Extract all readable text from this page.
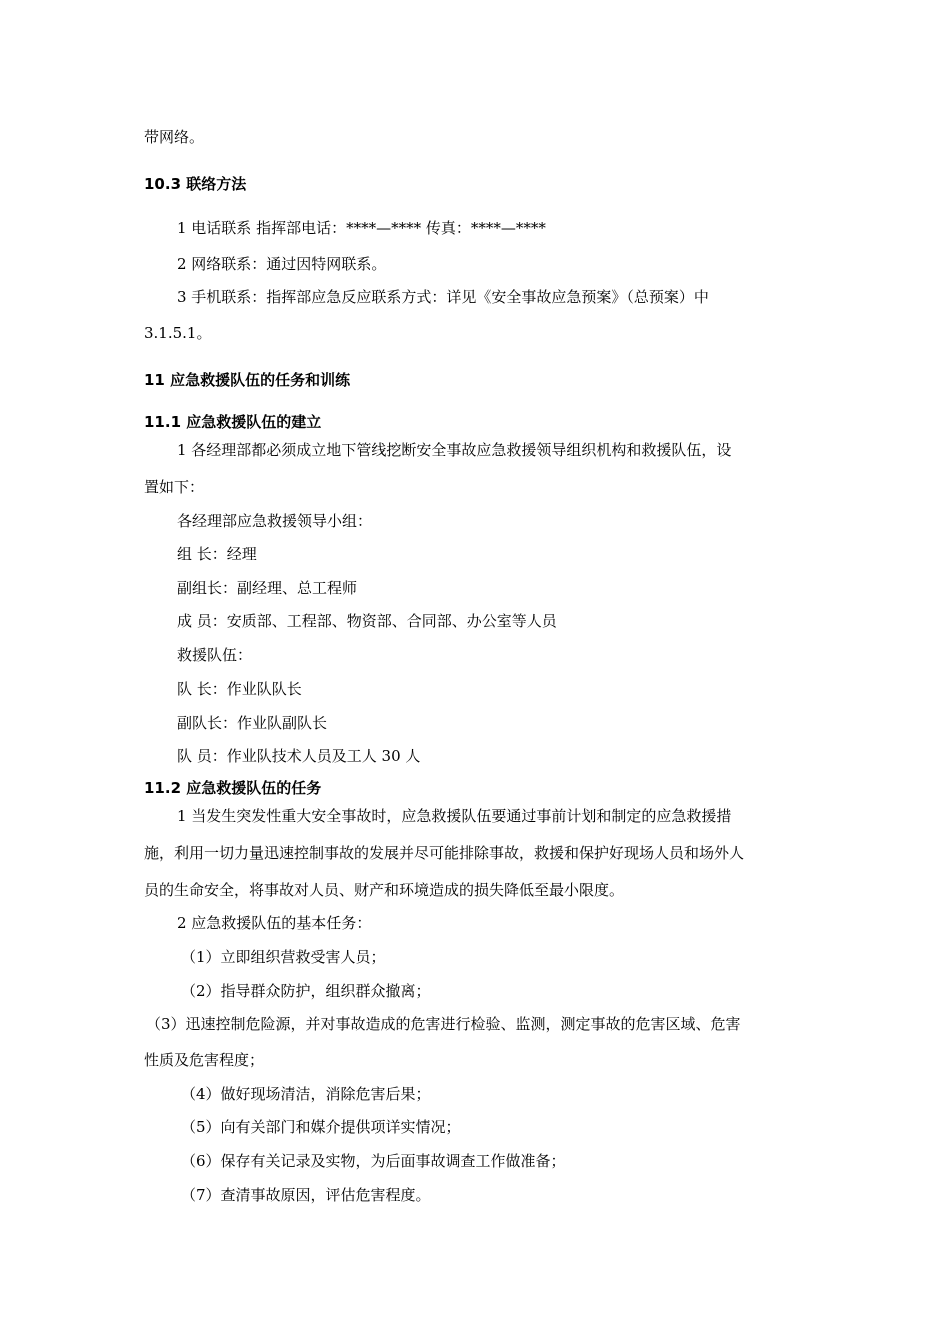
带网络。

10.3 联络方法

1 电话联系 指挥部电话：****—**** 传真：****—****

2 网络联系：通过因特网联系。

3 手机联系：指挥部应急反应联系方式：详见《安全事故应急预案》（总预案）中

3.1.5.1。

11 应急救援队伍的任务和训练

11.1 应急救援队伍的建立

1 各经理部都必须成立地下管线挖断安全事故应急救援领导组织机构和救援队伍，设

置如下：

各经理部应急救援领导小组：

组 长：经理

副组长：副经理、总工程师

成 员：安质部、工程部、物资部、合同部、办公室等人员

救援队伍：

队 长：作业队队长

副队长：作业队副队长

队 员：作业队技术人员及工人 30 人

11.2 应急救援队伍的任务

1 当发生突发性重大安全事故时，应急救援队伍要通过事前计划和制定的应急救援措

施，利用一切力量迅速控制事故的发展并尽可能排除事故，救援和保护好现场人员和场外人

员的生命安全，将事故对人员、财产和环境造成的损失降低至最小限度。

2 应急救援队伍的基本任务：

（1）立即组织营救受害人员；

（2）指导群众防护，组织群众撤离；

（3）迅速控制危险源，并对事故造成的危害进行检验、监测，测定事故的危害区域、危害

性质及危害程度；

（4）做好现场清洁，消除危害后果；

（5）向有关部门和媒介提供项详实情况；

（6）保存有关记录及实物，为后面事故调查工作做准备；

（7）查清事故原因，评估危害程度。
